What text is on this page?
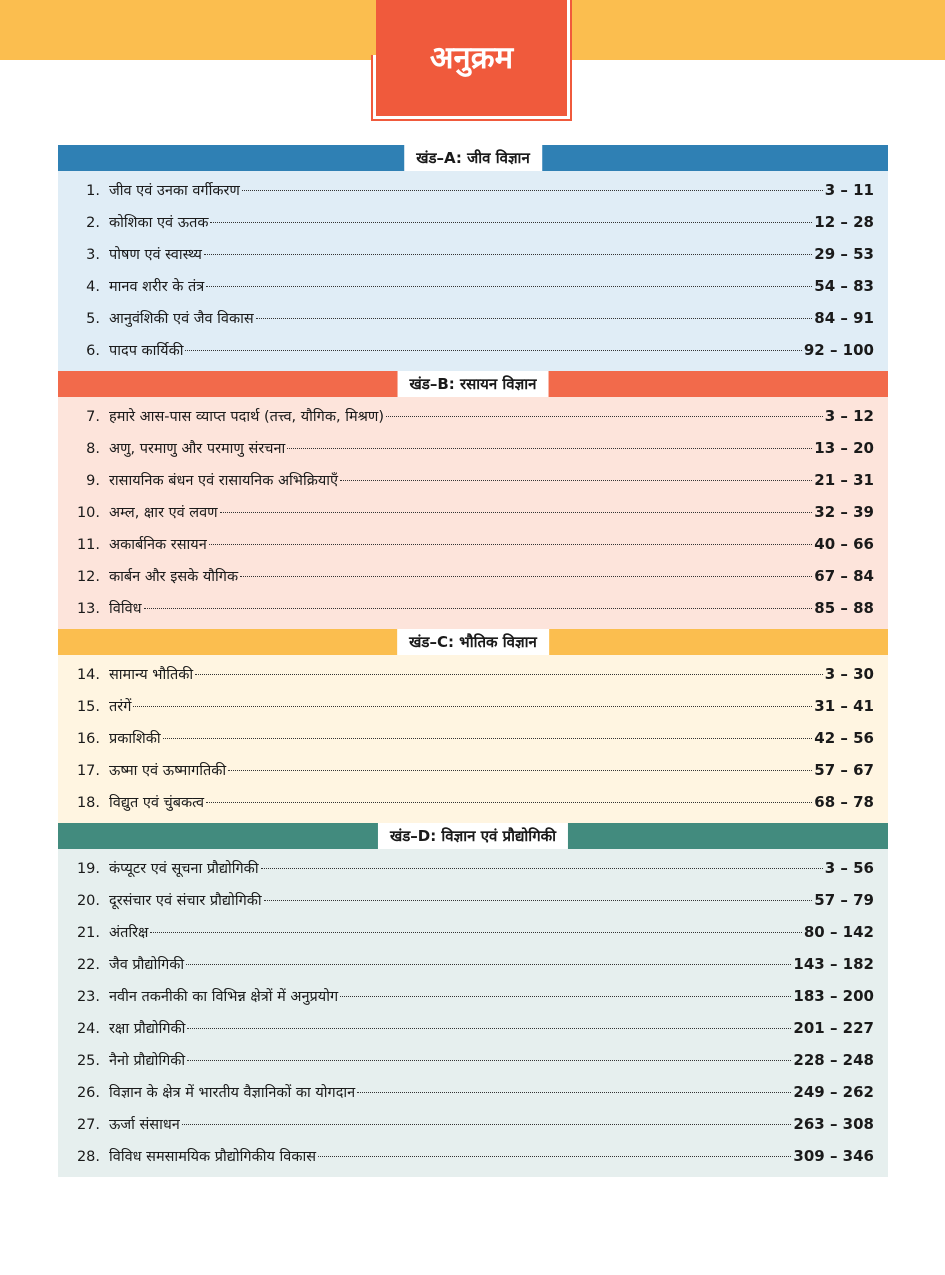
अनुक्रम
खंड–A: जीव विज्ञान
1. जीव एवं उनका वर्गीकरण	3 – 11
2. कोशिका एवं ऊतक	12 – 28
3. पोषण एवं स्वास्थ्य	29 – 53
4. मानव शरीर के तंत्र	54 – 83
5. आनुवंशिकी एवं जैव विकास	84 – 91
6. पादप कार्यिकी	92 – 100
खंड–B: रसायन विज्ञान
7. हमारे आस-पास व्याप्त पदार्थ (तत्त्व, यौगिक, मिश्रण)	3 – 12
8. अणु, परमाणु और परमाणु संरचना	13 – 20
9. रासायनिक बंधन एवं रासायनिक अभिक्रियाएँ	21 – 31
10. अम्ल, क्षार एवं लवण	32 – 39
11. अकार्बनिक रसायन	40 – 66
12. कार्बन और इसके यौगिक	67 – 84
13. विविध	85 – 88
खंड–C: भौतिक विज्ञान
14. सामान्य भौतिकी	3 – 30
15. तरंगें	31 – 41
16. प्रकाशिकी	42 – 56
17. ऊष्मा एवं ऊष्मागतिकी	57 – 67
18. विद्युत एवं चुंबकत्व	68 – 78
खंड–D: विज्ञान एवं प्रौद्योगिकी
19. कंप्यूटर एवं सूचना प्रौद्योगिकी	3 – 56
20. दूरसंचार एवं संचार प्रौद्योगिकी	57 – 79
21. अंतरिक्ष	80 – 142
22. जैव प्रौद्योगिकी	143 – 182
23. नवीन तकनीकी का विभिन्न क्षेत्रों में अनुप्रयोग	183 – 200
24. रक्षा प्रौद्योगिकी	201 – 227
25. नैनो प्रौद्योगिकी	228 – 248
26. विज्ञान के क्षेत्र में भारतीय वैज्ञानिकों का योगदान	249 – 262
27. ऊर्जा संसाधन	263 – 308
28. विविध समसामयिक प्रौद्योगिकीय विकास	309 – 346
